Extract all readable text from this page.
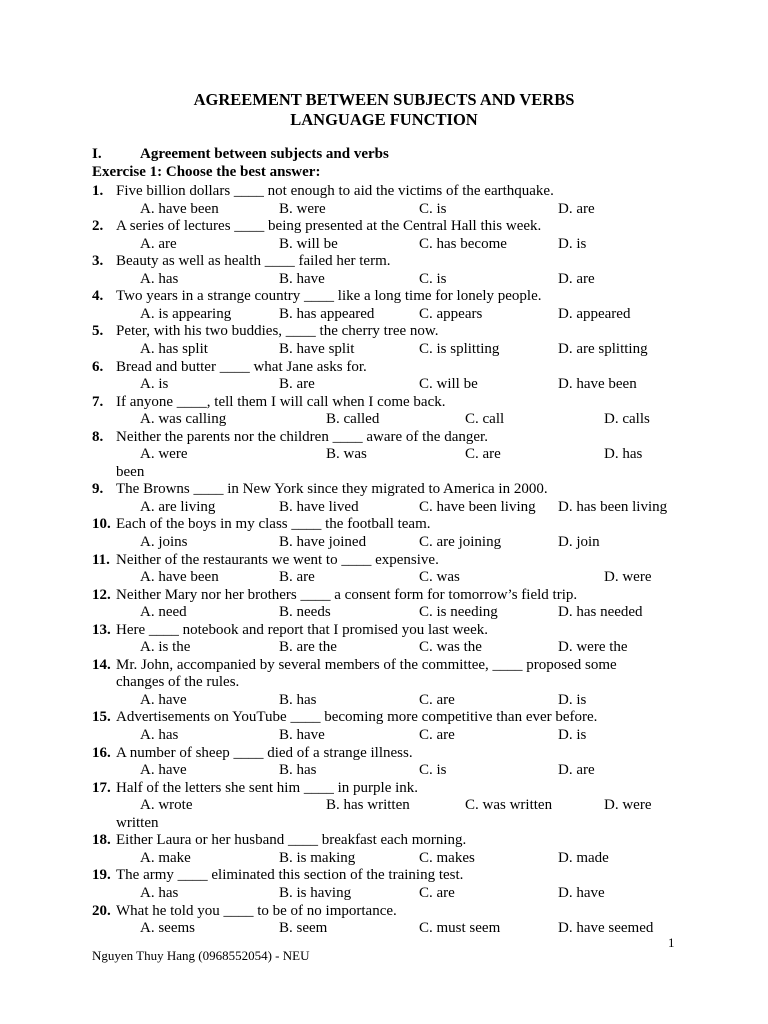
AGREEMENT BETWEEN SUBJECTS AND VERBS
LANGUAGE FUNCTION
I.	Agreement between subjects and verbs
Exercise 1: Choose the best answer:
1. Five billion dollars ____ not enough to aid the victims of the earthquake.
A. have been	B. were	C. is	D. are
2. A series of lectures ____ being presented at the Central Hall this week.
A. are	B. will be	C. has become	D. is
3. Beauty as well as health ____ failed her term.
A. has	B. have	C. is	D. are
4. Two years in a strange country ____ like a long time for lonely people.
A. is appearing	B. has appeared	C. appears	D. appeared
5. Peter, with his two buddies, ____ the cherry tree now.
A. has split	B. have split	C. is splitting	D. are splitting
6. Bread and butter ____ what Jane asks for.
A. is	B. are	C. will be	D. have been
7. If anyone ____, tell them I will call when I come back.
A. was calling	B. called	C. call	D. calls
8. Neither the parents nor the children ____ aware of the danger.
A. were	B. was	C. are	D. has
been
9. The Browns ____ in New York since they migrated to America in 2000.
A. are living	B. have lived	C. have been living D. has been living
10. Each of the boys in my class ____ the football team.
A. joins	B. have joined	C. are joining	D. join
11. Neither of the restaurants we went to ____ expensive.
A. have been	B. are	C. was	D. were
12. Neither Mary nor her brothers ____ a consent form for tomorrow’s field trip.
A. need	B. needs	C. is needing	D. has needed
13. Here ____ notebook and report that I promised you last week.
A. is the	B. are the	C. was the	D. were the
14. Mr. John, accompanied by several members of the committee, ____ proposed some
changes of the rules.
A. have	B. has	C. are	D. is
15. Advertisements on YouTube ____ becoming more competitive than ever before.
A. has	B. have	C. are	D. is
16. A number of sheep ____ died of a strange illness.
A. have	B. has	C. is	D. are
17. Half of the letters she sent him ____ in purple ink.
A. wrote	B. has written	C. was written	D. were
written
18. Either Laura or her husband ____ breakfast each morning.
A. make	B. is making	C. makes	D. made
19. The army ____ eliminated this section of the training test.
A. has	B. is having	C. are	D. have
20. What he told you ____ to be of no importance.
A. seems	B. seem	C. must seem	D. have seemed
1
Nguyen Thuy Hang (0968552054) - NEU
